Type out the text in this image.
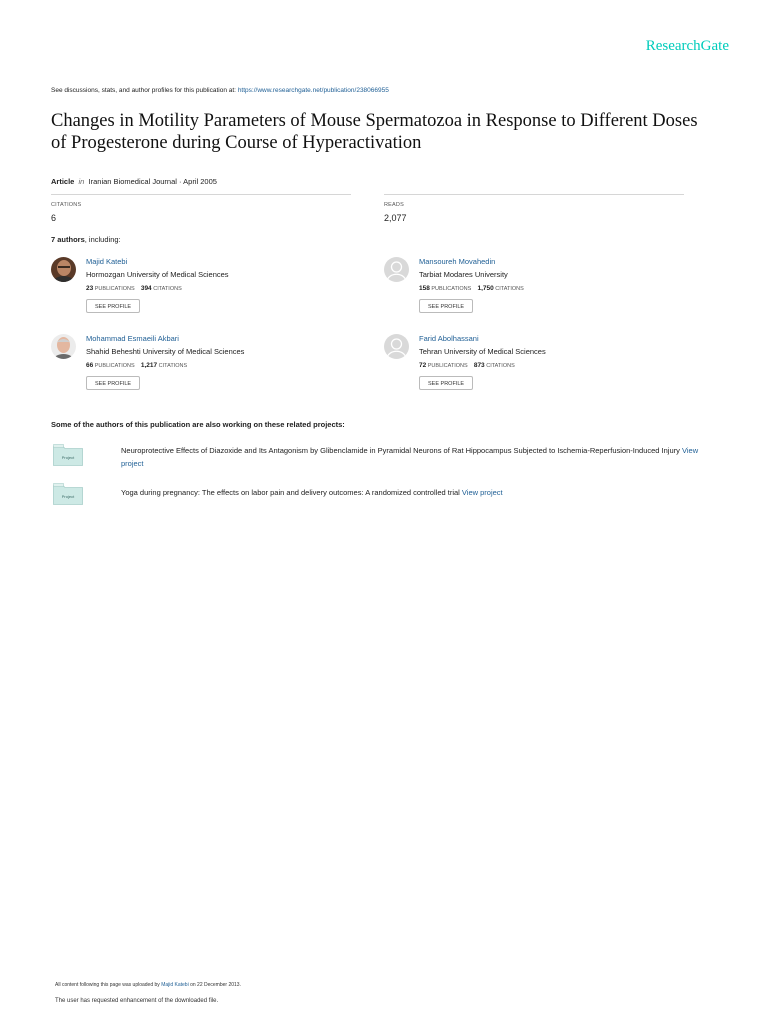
ResearchGate
See discussions, stats, and author profiles for this publication at: https://www.researchgate.net/publication/238066955
Changes in Motility Parameters of Mouse Spermatozoa in Response to Different Doses of Progesterone during Course of Hyperactivation
Article in Iranian Biomedical Journal · April 2005
CITATIONS
6
READS
2,077
7 authors, including:
Majid Katebi
Hormozgan University of Medical Sciences
23 PUBLICATIONS 394 CITATIONS
SEE PROFILE
Mansoureh Movahedin
Tarbiat Modares University
158 PUBLICATIONS 1,750 CITATIONS
SEE PROFILE
Mohammad Esmaeili Akbari
Shahid Beheshti University of Medical Sciences
66 PUBLICATIONS 1,217 CITATIONS
SEE PROFILE
Farid Abolhassani
Tehran University of Medical Sciences
72 PUBLICATIONS 873 CITATIONS
SEE PROFILE
Some of the authors of this publication are also working on these related projects:
Project
Neuroprotective Effects of Diazoxide and Its Antagonism by Glibenclamide in Pyramidal Neurons of Rat Hippocampus Subjected to Ischemia-Reperfusion-Induced Injury View project
Project	Yoga during pregnancy: The effects on labor pain and delivery outcomes: A randomized controlled trial View project
All content following this page was uploaded by Majid Katebi on 22 December 2013.
The user has requested enhancement of the downloaded file.
